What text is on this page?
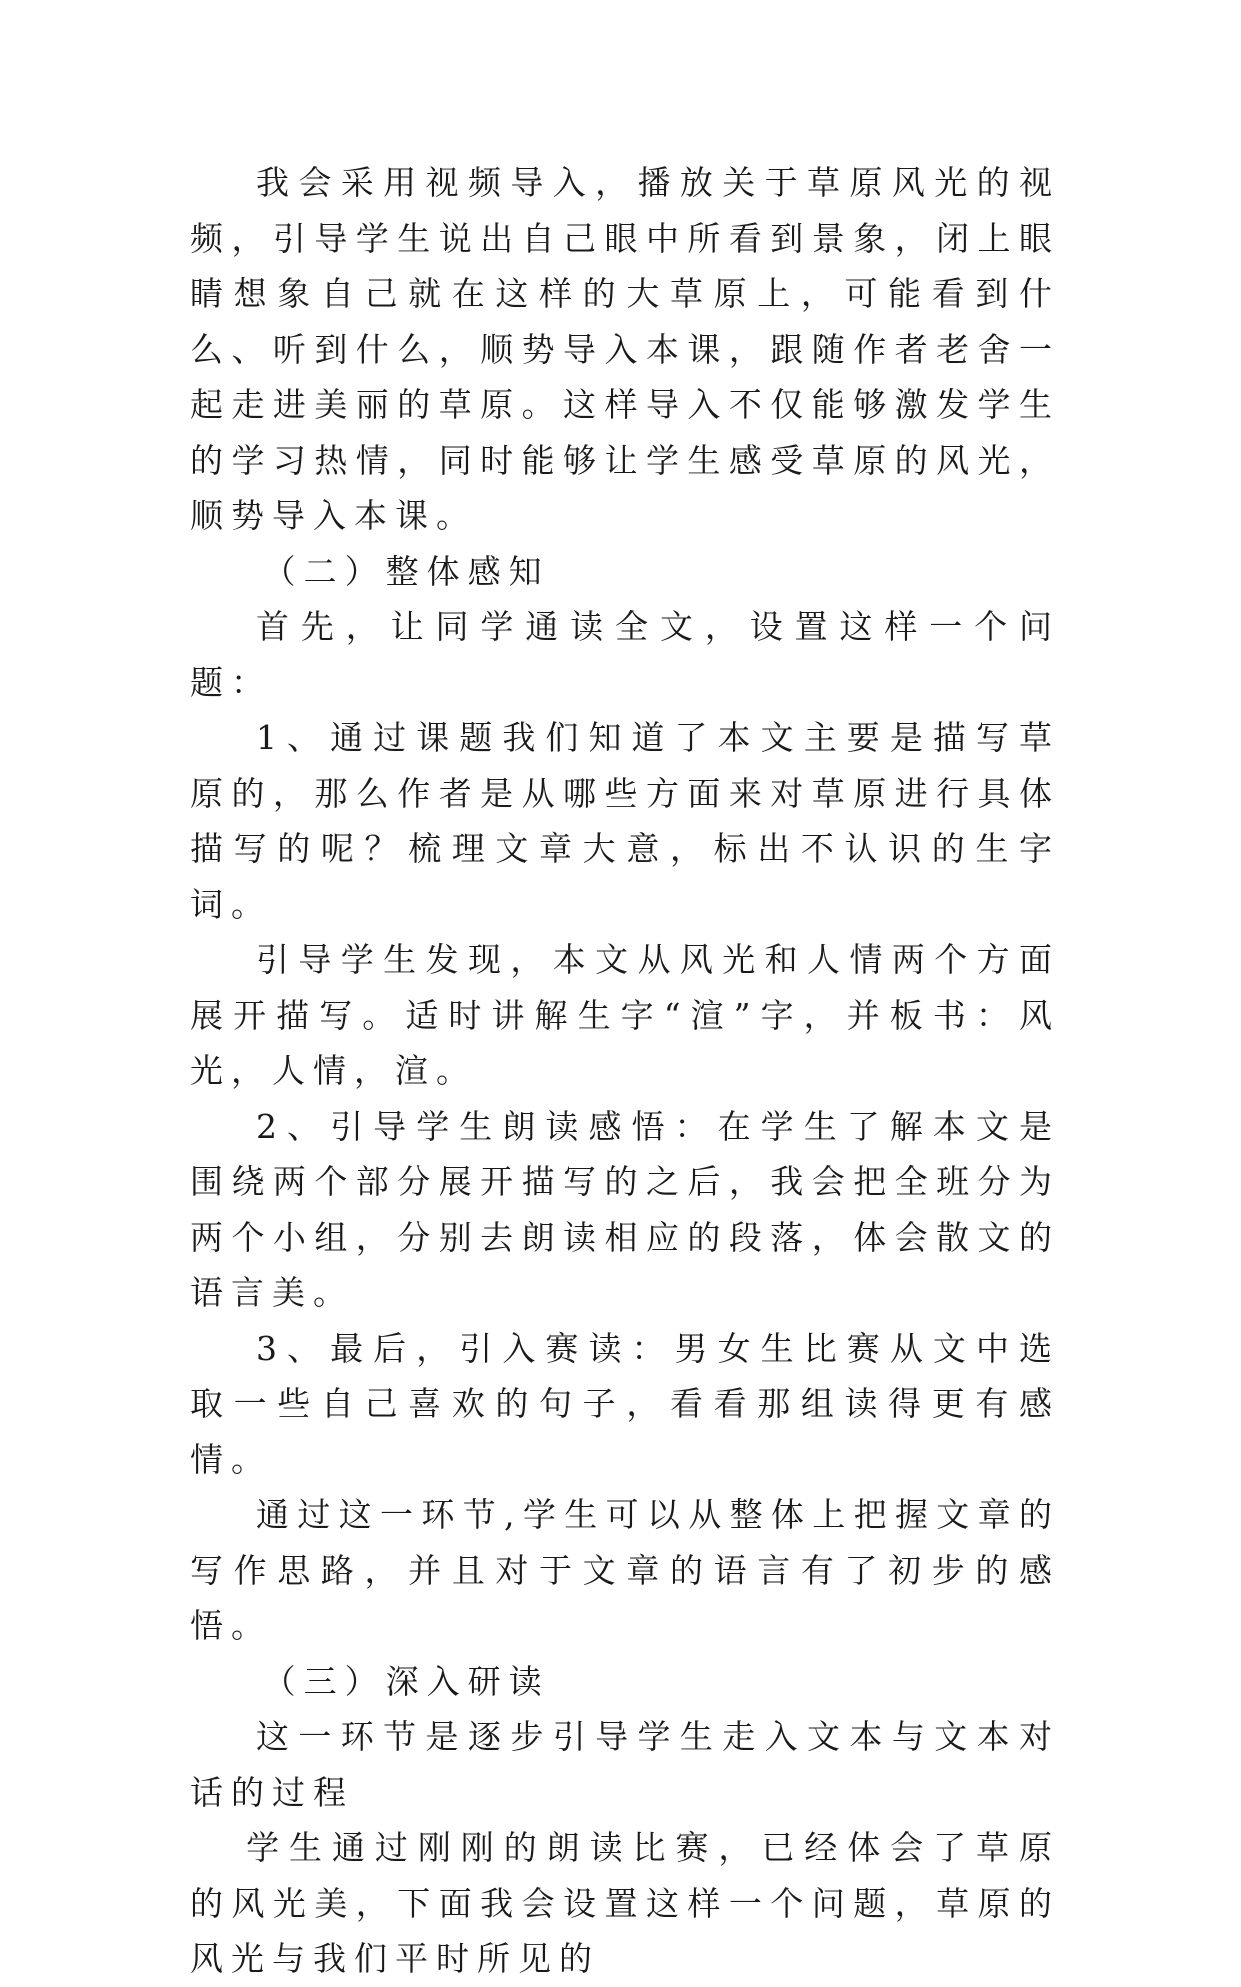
我会采用视频导入，播放关于草原风光的视频，引导学生说出自己眼中所看到景象，闭上眼睛想象自己就在这样的大草原上，可能看到什么、听到什么，顺势导入本课，跟随作者老舍一起走进美丽的草原。这样导入不仅能够激发学生的学习热情，同时能够让学生感受草原的风光，顺势导入本课。

（二）整体感知

首先，让同学通读全文，设置这样一个问题：

1、通过课题我们知道了本文主要是描写草原的，那么作者是从哪些方面来对草原进行具体描写的呢？梳理文章大意，标出不认识的生字词。

引导学生发现，本文从风光和人情两个方面展开描写。适时讲解生字“渲”字，并板书：风光，人情，渲。

2、引导学生朗读感悟：在学生了解本文是围绕两个部分展开描写的之后，我会把全班分为两个小组，分别去朗读相应的段落，体会散文的语言美。

3、最后，引入赛读：男女生比赛从文中选取一些自己喜欢的句子，看看那组读得更有感情。

通过这一环节,学生可以从整体上把握文章的写作思路，并且对于文章的语言有了初步的感悟。

（三）深入研读

这一环节是逐步引导学生走入文本与文本对话的过程

学生通过刚刚的朗读比赛，已经体会了草原的风光美，下面我会设置这样一个问题，草原的风光与我们平时所见的
